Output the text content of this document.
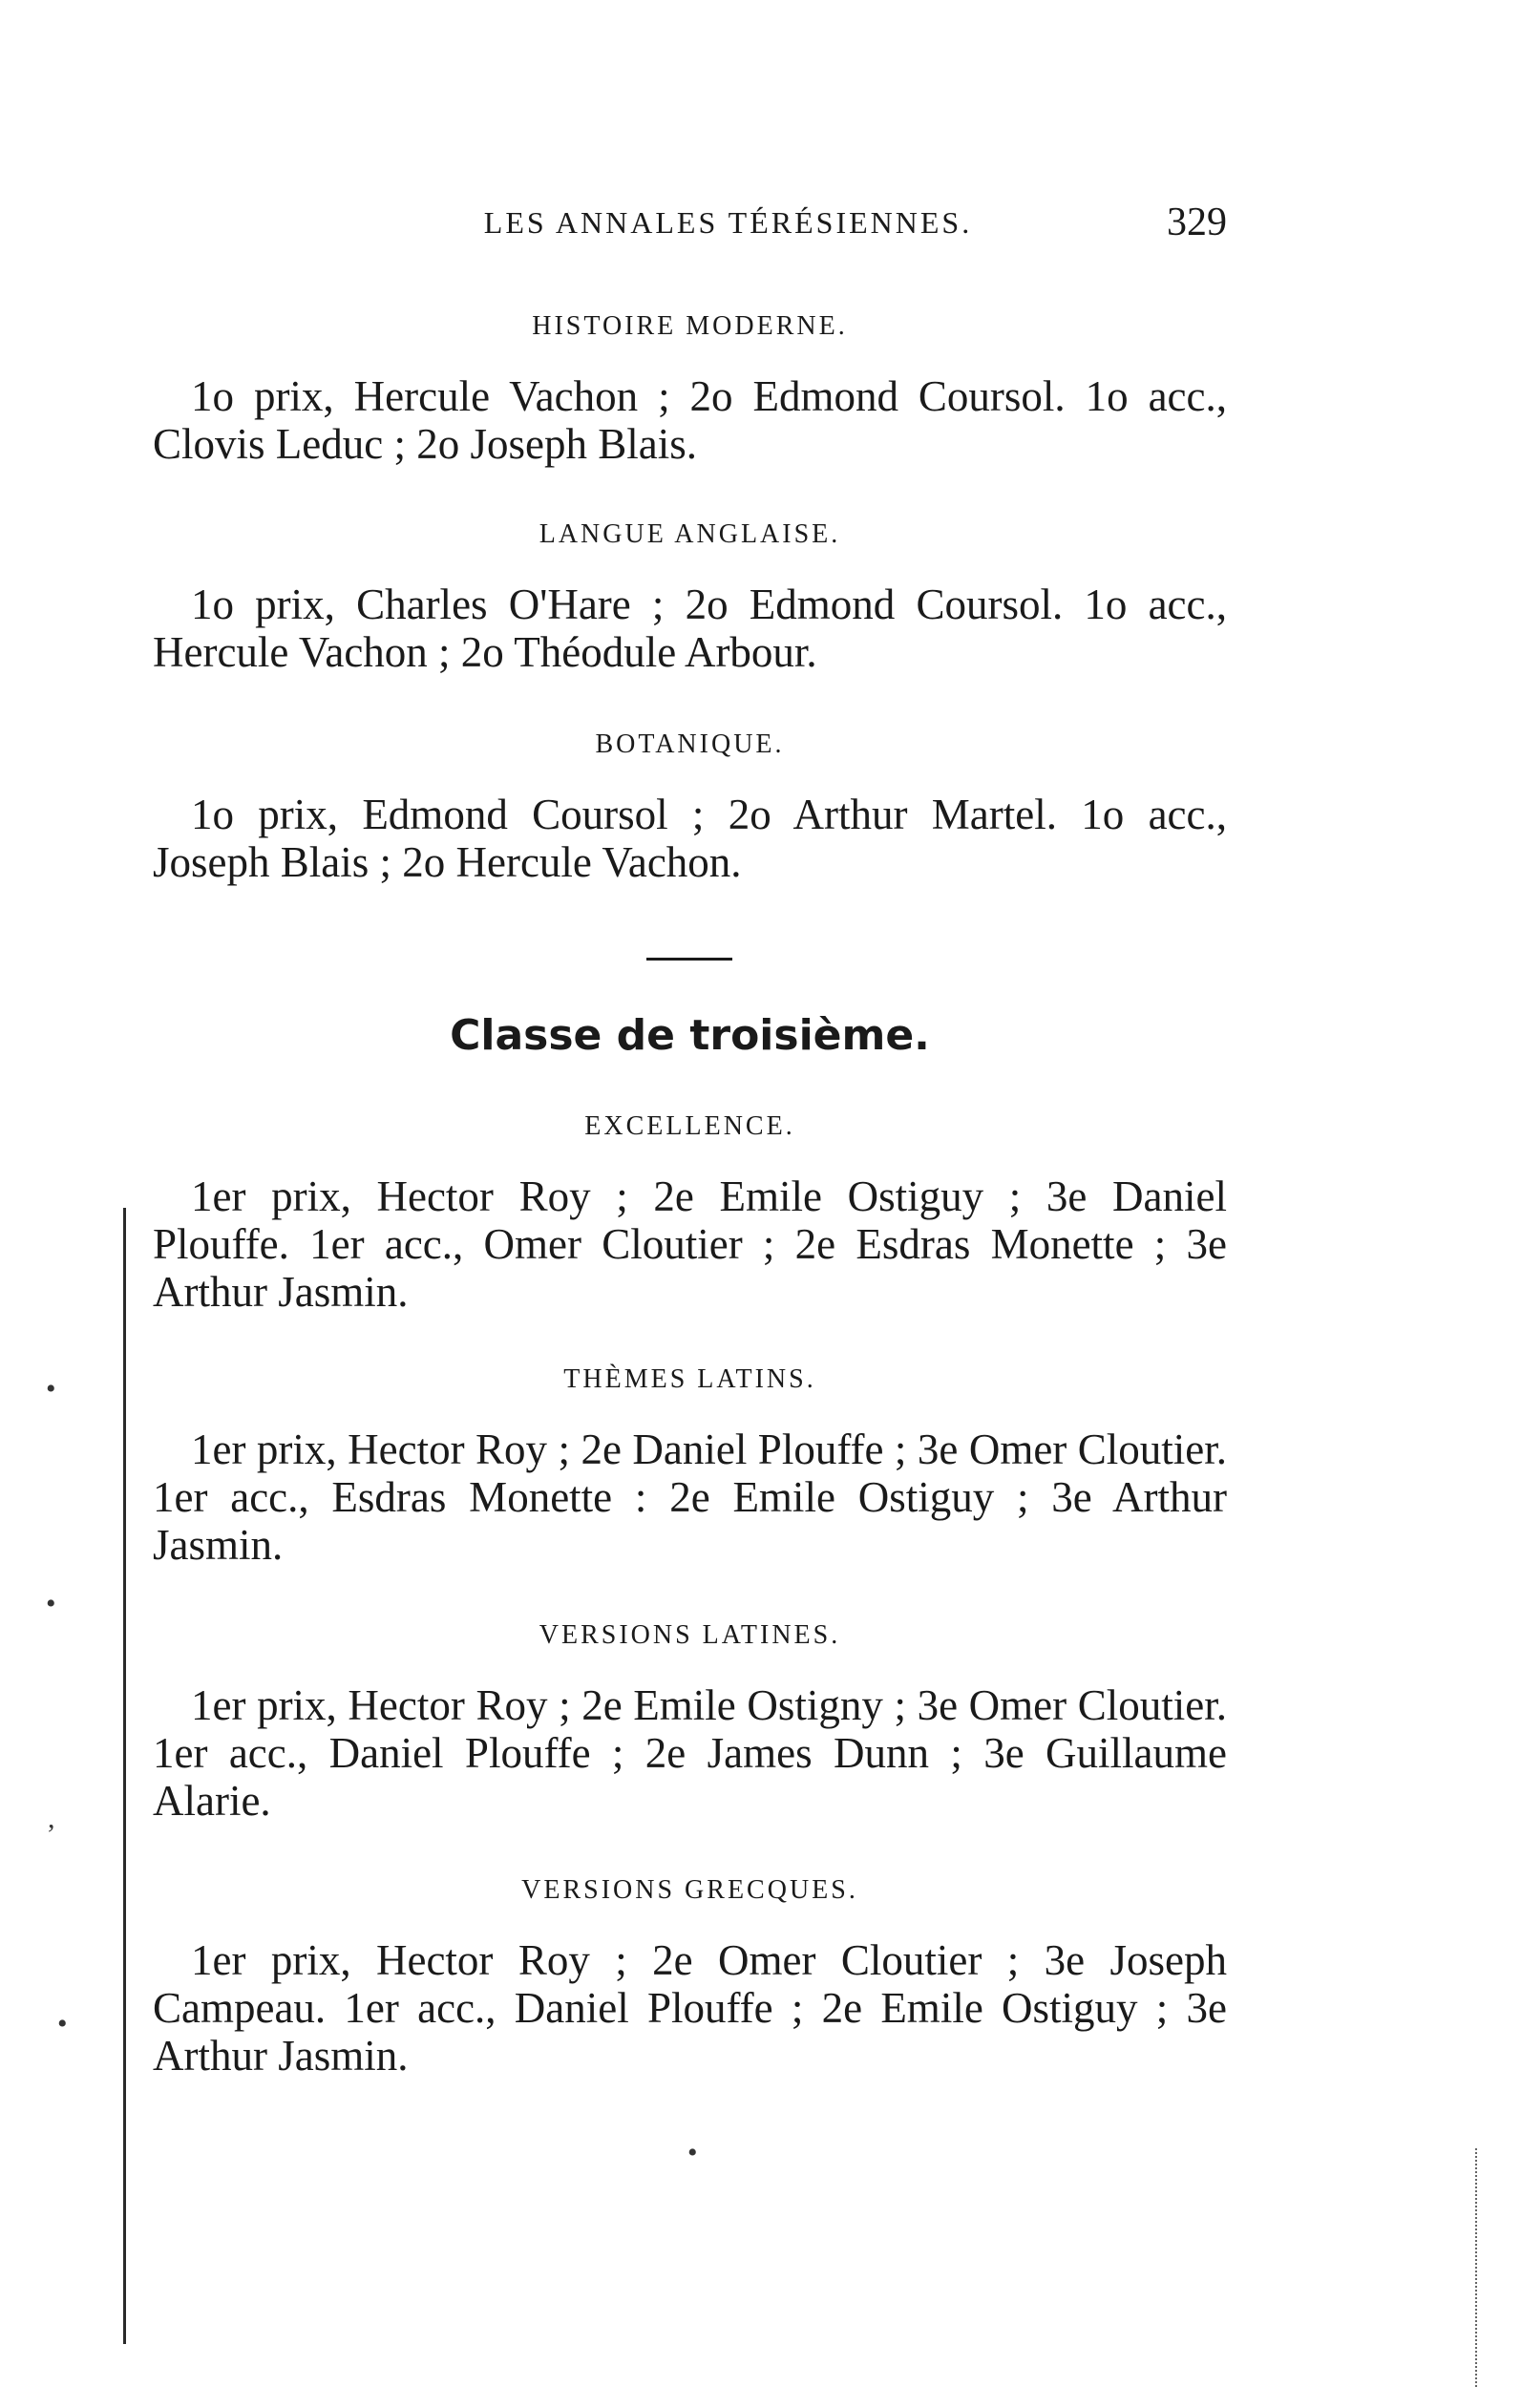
LES ANNALES TÉRÉSIENNES.	329

HISTOIRE MODERNE.

1o prix, Hercule Vachon ; 2o Edmond Coursol. 1o acc., Clovis Leduc ; 2o Joseph Blais.

LANGUE ANGLAISE.

1o prix, Charles O'Hare ; 2o Edmond Coursol. 1o acc., Hercule Vachon ; 2o Théodule Arbour.

BOTANIQUE.

1o prix, Edmond Coursol ; 2o Arthur Martel. 1o acc., Joseph Blais ; 2o Hercule Vachon.

Classe de troisième.

EXCELLENCE.

1er prix, Hector Roy ; 2e Emile Ostiguy ; 3e Daniel Plouffe. 1er acc., Omer Cloutier ; 2e Esdras Monette ; 3e Arthur Jasmin.

THÈMES LATINS.

1er prix, Hector Roy ; 2e Daniel Plouffe ; 3e Omer Cloutier. 1er acc., Esdras Monette : 2e Emile Ostiguy ; 3e Arthur Jasmin.

VERSIONS LATINES.

1er prix, Hector Roy ; 2e Emile Ostigny ; 3e Omer Cloutier. 1er acc., Daniel Plouffe ; 2e James Dunn ; 3e Guillaume Alarie.

VERSIONS GRECQUES.

1er prix, Hector Roy ; 2e Omer Cloutier ; 3e Joseph Campeau. 1er acc., Daniel Plouffe ; 2e Emile Ostiguy ; 3e Arthur Jasmin.

•
•
,
•
•
